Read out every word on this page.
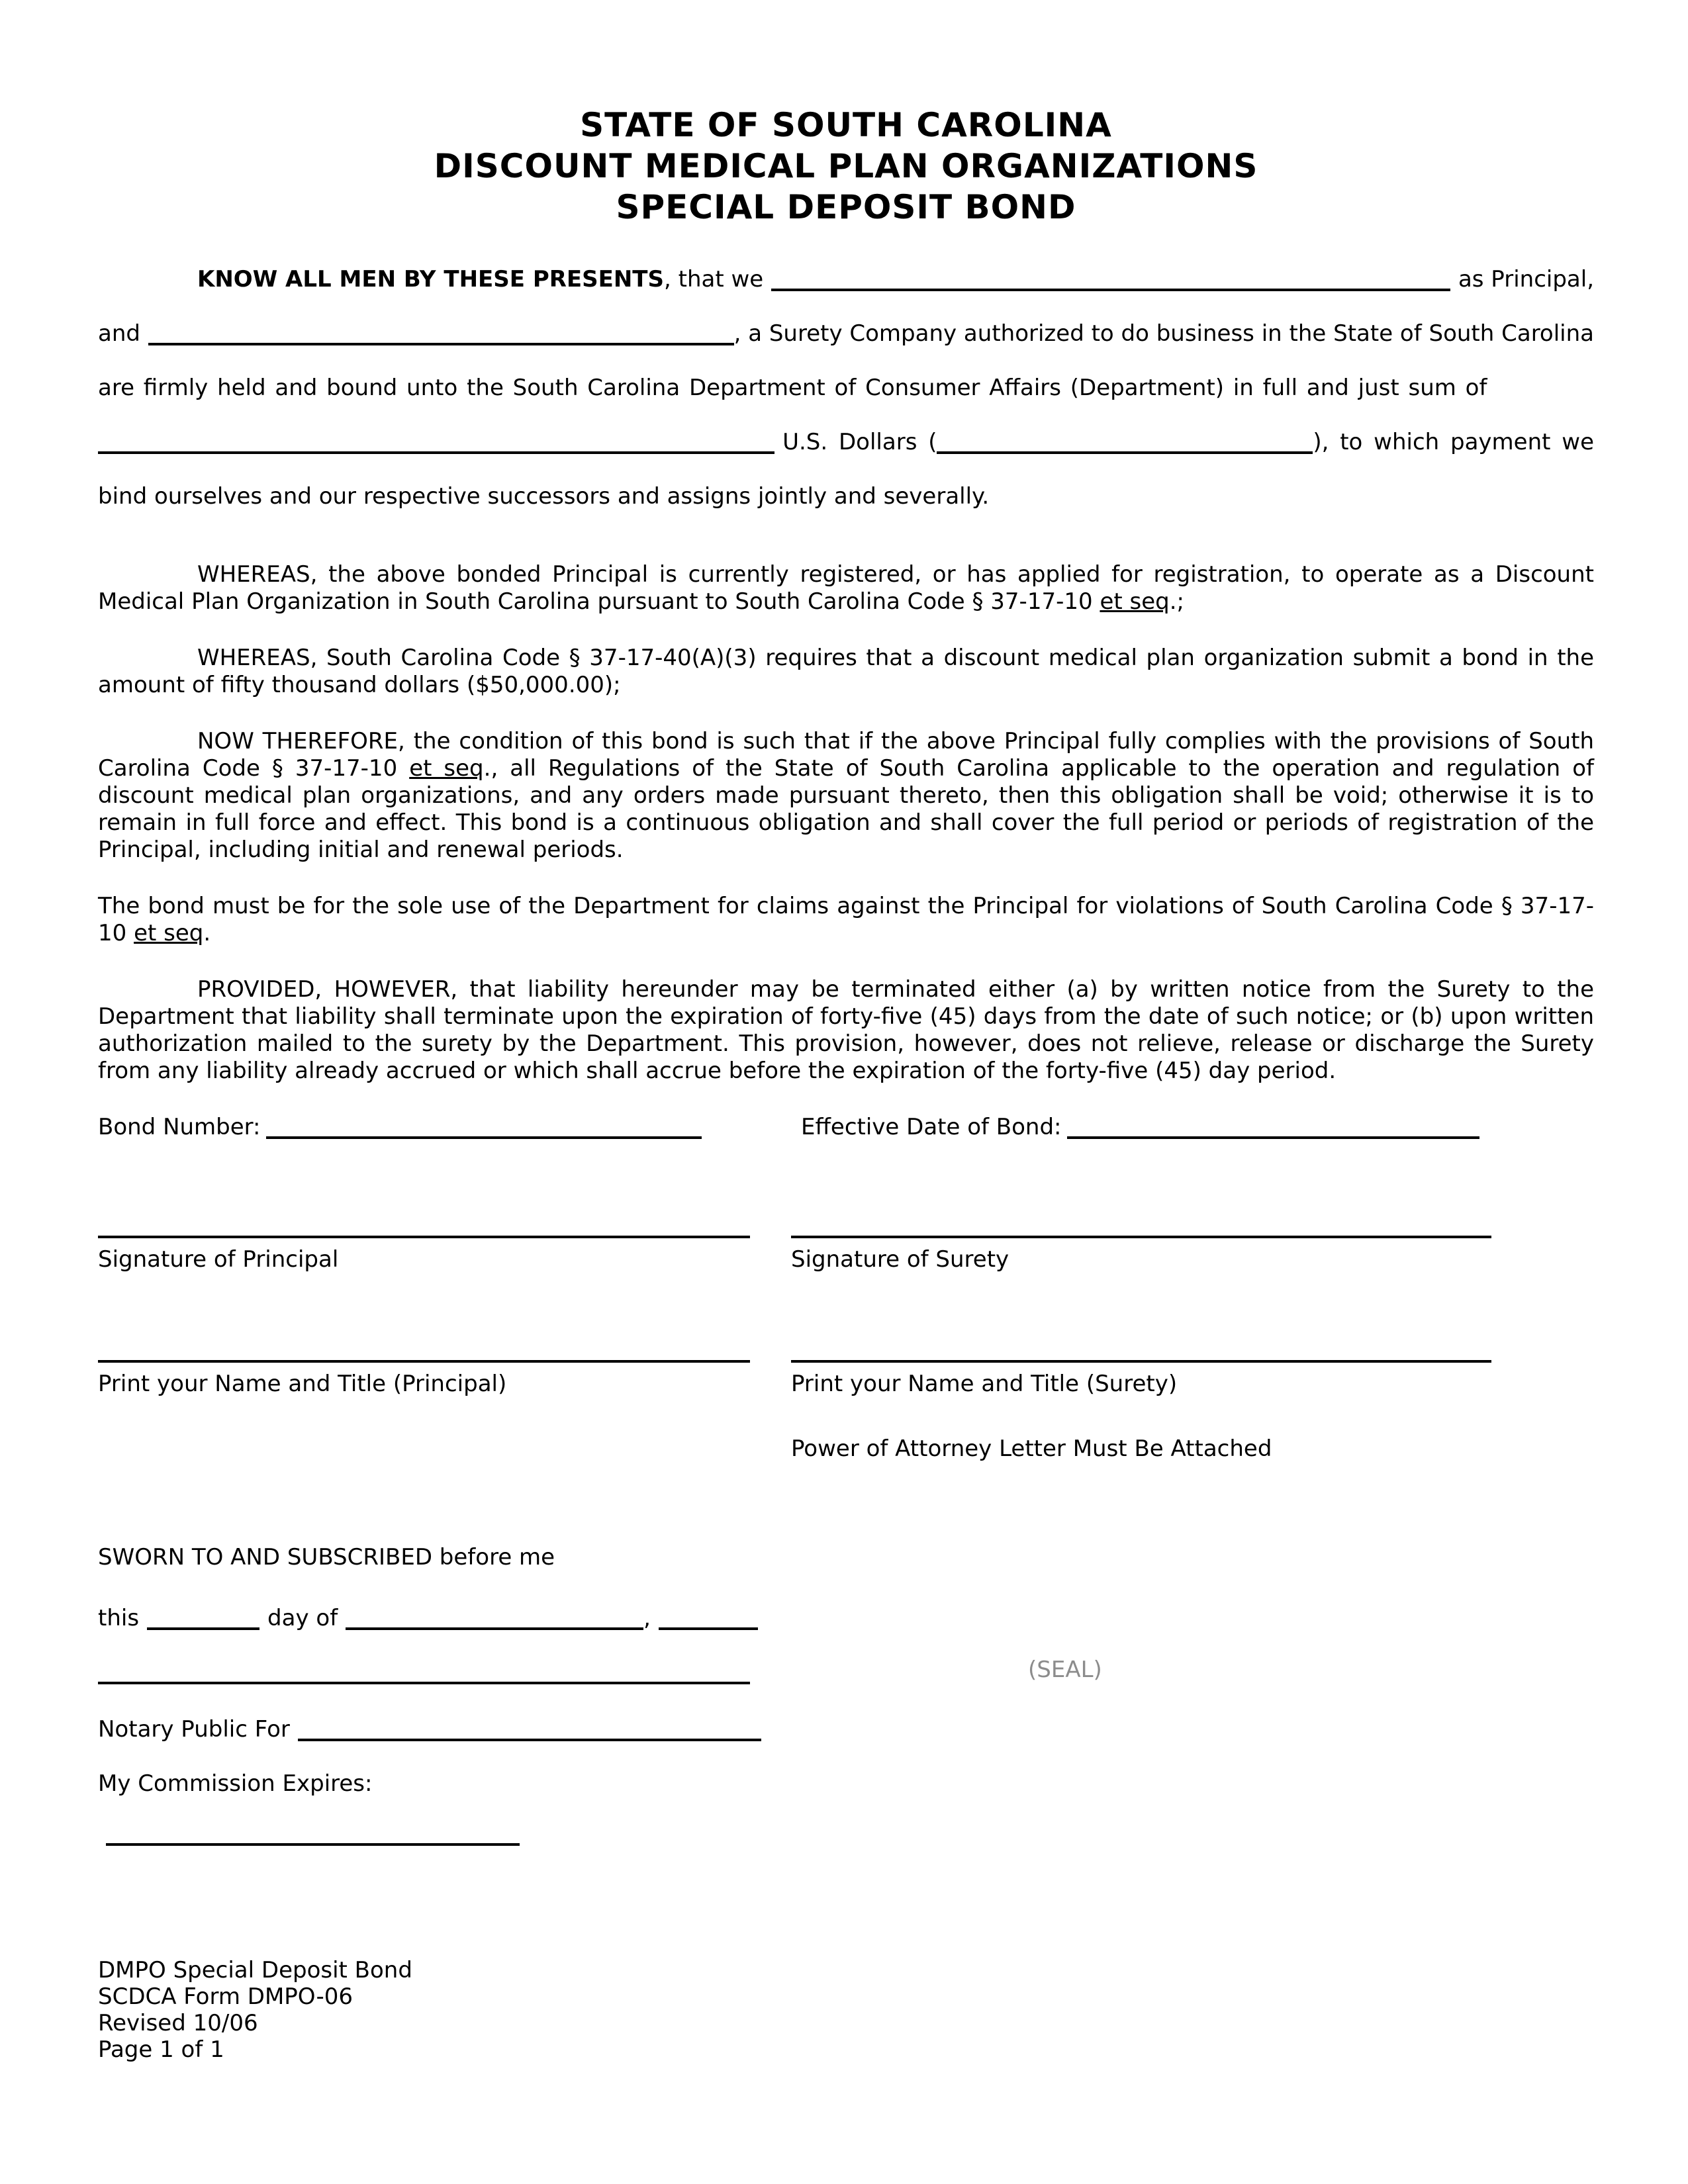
STATE OF SOUTH CAROLINA
DISCOUNT MEDICAL PLAN ORGANIZATIONS
SPECIAL DEPOSIT BOND
KNOW ALL MEN BY THESE PRESENTS , that we	as Principal,
and	, a Surety Company authorized to do business in the State of South Carolina
are firmly held and bound unto the South Carolina Department of Consumer Affairs (Department) in full and just sum of
U.S. Dollars (	), to which payment we
bind ourselves and our respective successors and assigns jointly and severally.

WHEREAS, the above bonded Principal is currently registered, or has applied for registration, to operate as a Discount Medical Plan Organization in South Carolina pursuant to South Carolina Code § 37-17-10 et seq.;

WHEREAS, South Carolina Code § 37-17-40(A)(3) requires that a discount medical plan organization submit a bond in the amount of fifty thousand dollars ($50,000.00);

NOW THEREFORE, the condition of this bond is such that if the above Principal fully complies with the provisions of South Carolina Code § 37-17-10 et seq., all Regulations of the State of South Carolina applicable to the operation and regulation of discount medical plan organizations, and any orders made pursuant thereto, then this obligation shall be void; otherwise it is to remain in full force and effect. This bond is a continuous obligation and shall cover the full period or periods of registration of the Principal, including initial and renewal periods.

The bond must be for the sole use of the Department for claims against the Principal for violations of South Carolina Code § 37-17-10 et seq.

PROVIDED, HOWEVER, that liability hereunder may be terminated either (a) by written notice from the Surety to the Department that liability shall terminate upon the expiration of forty-five (45) days from the date of such notice; or (b) upon written authorization mailed to the surety by the Department. This provision, however, does not relieve, release or discharge the Surety from any liability already accrued or which shall accrue before the expiration of the forty-five (45) day period.

Bond Number:	Effective Date of Bond:
Signature of Principal	Signature of Surety
Print your Name and Title (Principal)	Print your Name and Title (Surety)
Power of Attorney Letter Must Be Attached
SWORN TO AND SUBSCRIBED before me
this	day of	,
(SEAL)
Notary Public For
My Commission Expires:
DMPO Special Deposit Bond
SCDCA Form DMPO-06
Revised 10/06
Page 1 of 1
